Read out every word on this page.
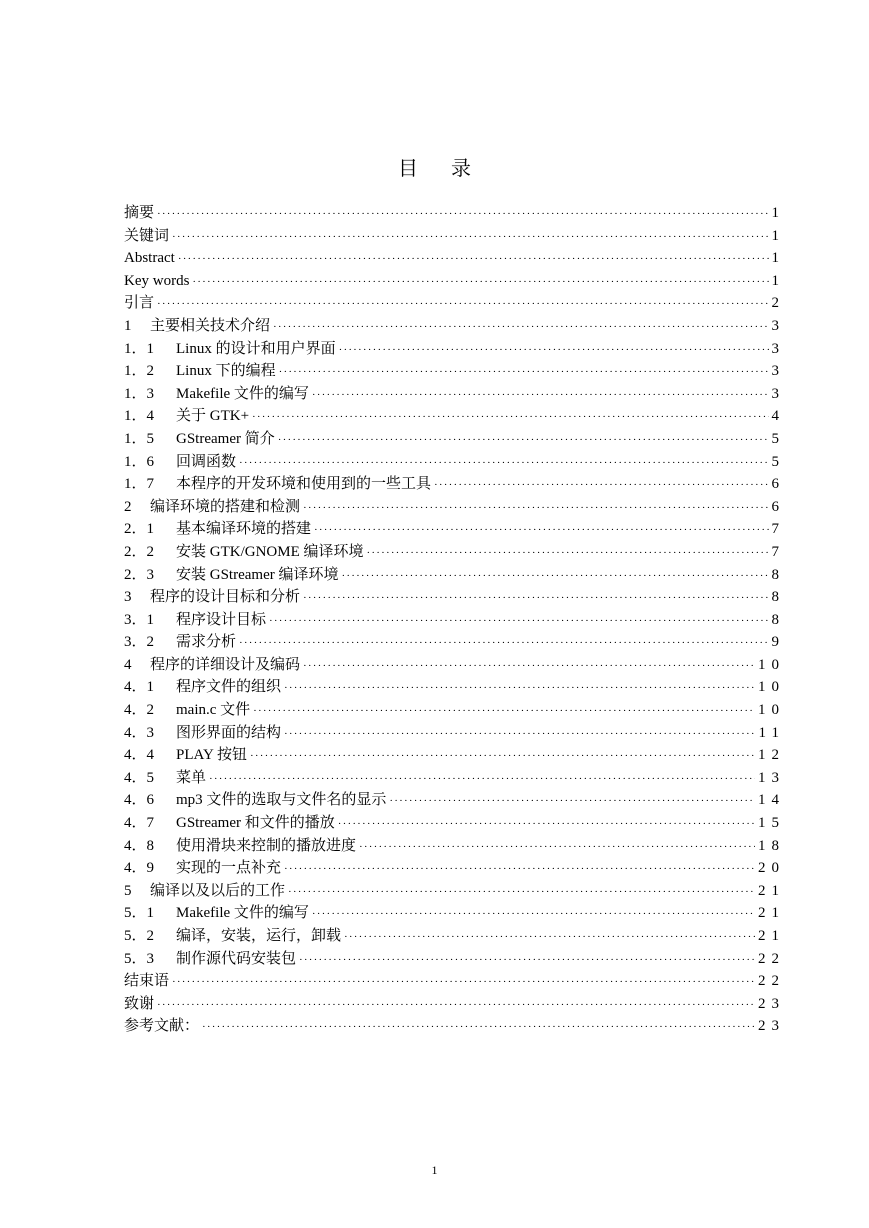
目 录
摘要 ·····	1
关键词 ·····	1
Abstract ·····	1
Key words ·····	1
引言 ·····	2
1	主要相关技术介绍 ·····	3
1．1	Linux 的设计和用户界面 ·····	3
1．2	Linux 下的编程 ·····	3
1．3	Makefile 文件的编写 ·····	3
1．4	关于 GTK+ ·····	4
1．5	GStreamer 简介 ·····	5
1．6	回调函数 ·····	5
1．7	本程序的开发环境和使用到的一些工具 ·····	6
2	编译环境的搭建和检测 ·····	6
2．1	基本编译环境的搭建 ·····	7
2．2	安装 GTK/GNOME 编译环境 ·····	7
2．3	安装 GStreamer 编译环境 ·····	8
3	程序的设计目标和分析 ·····	8
3．1	程序设计目标 ·····	8
3．2	需求分析 ·····	9
4	程序的详细设计及编码 ·····	10
4．1	程序文件的组织 ·····	10
4．2	main.c 文件 ·····	10
4．3	图形界面的结构 ·····	11
4．4	PLAY 按钮 ·····	12
4．5	菜单 ·····	13
4．6	mp3 文件的选取与文件名的显示 ·····	14
4．7	GStreamer 和文件的播放 ·····	15
4．8	使用滑块来控制的播放进度 ·····	18
4．9	实现的一点补充 ·····	20
5	编译以及以后的工作 ·····	21
5．1	Makefile 文件的编写 ·····	21
5．2	编译，安装，运行，卸载 ·····	21
5．3	制作源代码安装包 ·····	22
结束语 ·····	22
致谢 ·····	23
参考文献： ·····	23
1
